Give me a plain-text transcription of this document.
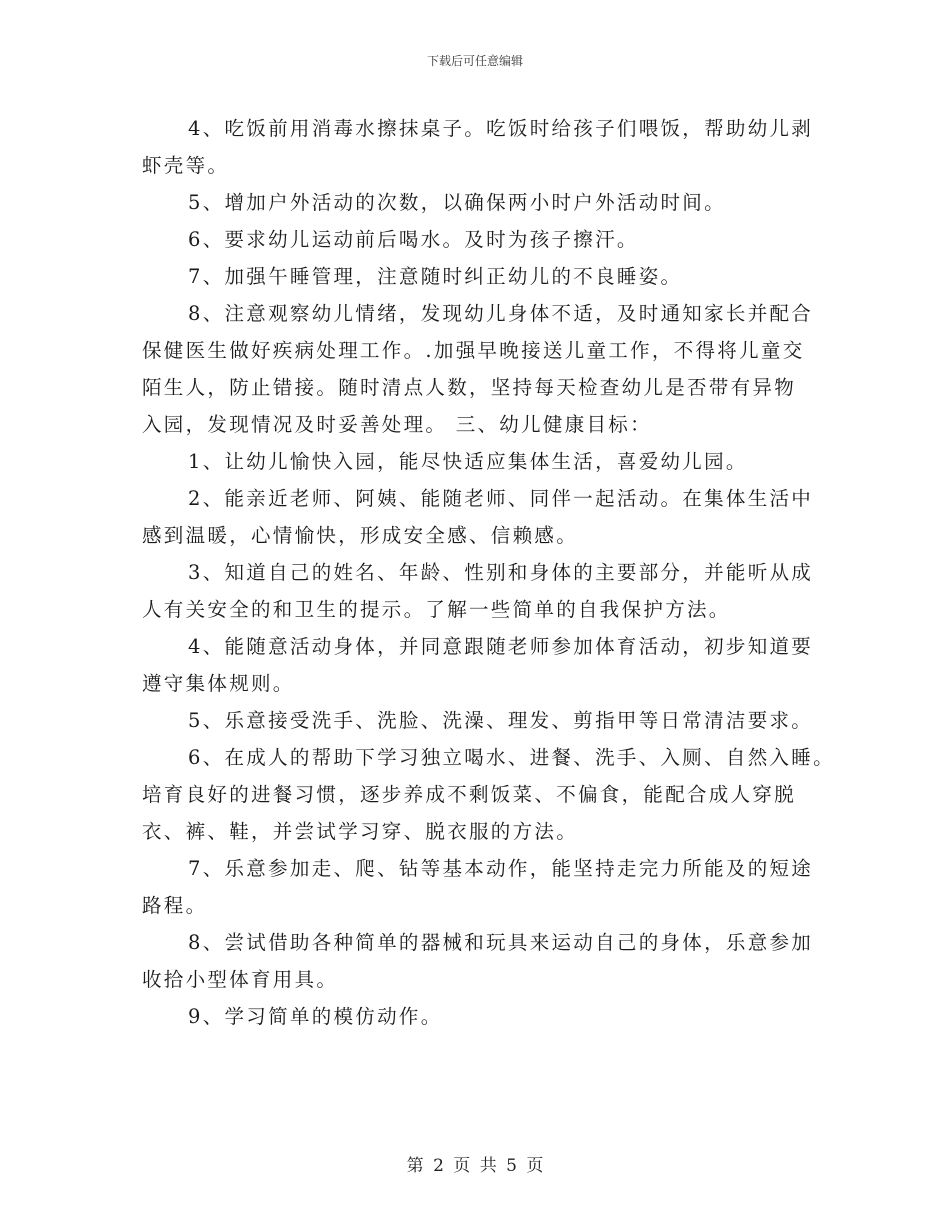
下载后可任意编辑

4、吃饭前用消毒水擦抹桌子。吃饭时给孩子们喂饭，帮助幼儿剥
虾壳等。

5、增加户外活动的次数，以确保两小时户外活动时间。

6、要求幼儿运动前后喝水。及时为孩子擦汗。

7、加强午睡管理，注意随时纠正幼儿的不良睡姿。

8、注意观察幼儿情绪，发现幼儿身体不适，及时通知家长并配合
保健医生做好疾病处理工作。.加强早晚接送儿童工作，不得将儿童交
陌生人，防止错接。随时清点人数，坚持每天检查幼儿是否带有异物
入园，发现情况及时妥善处理。 三、幼儿健康目标：

1、让幼儿愉快入园，能尽快适应集体生活，喜爱幼儿园。

2、能亲近老师、阿姨、能随老师、同伴一起活动。在集体生活中
感到温暖，心情愉快，形成安全感、信赖感。

3、知道自己的姓名、年龄、性别和身体的主要部分，并能听从成
人有关安全的和卫生的提示。了解一些简单的自我保护方法。

4、能随意活动身体，并同意跟随老师参加体育活动，初步知道要
遵守集体规则。

5、乐意接受洗手、洗脸、洗澡、理发、剪指甲等日常清洁要求。

6、在成人的帮助下学习独立喝水、进餐、洗手、入厕、自然入睡。
培育良好的进餐习惯，逐步养成不剩饭菜、不偏食，能配合成人穿脱
衣、裤、鞋，并尝试学习穿、脱衣服的方法。

7、乐意参加走、爬、钻等基本动作，能坚持走完力所能及的短途
路程。

8、尝试借助各种简单的器械和玩具来运动自己的身体，乐意参加
收拾小型体育用具。

9、学习简单的模仿动作。

第 2 页 共 5 页
